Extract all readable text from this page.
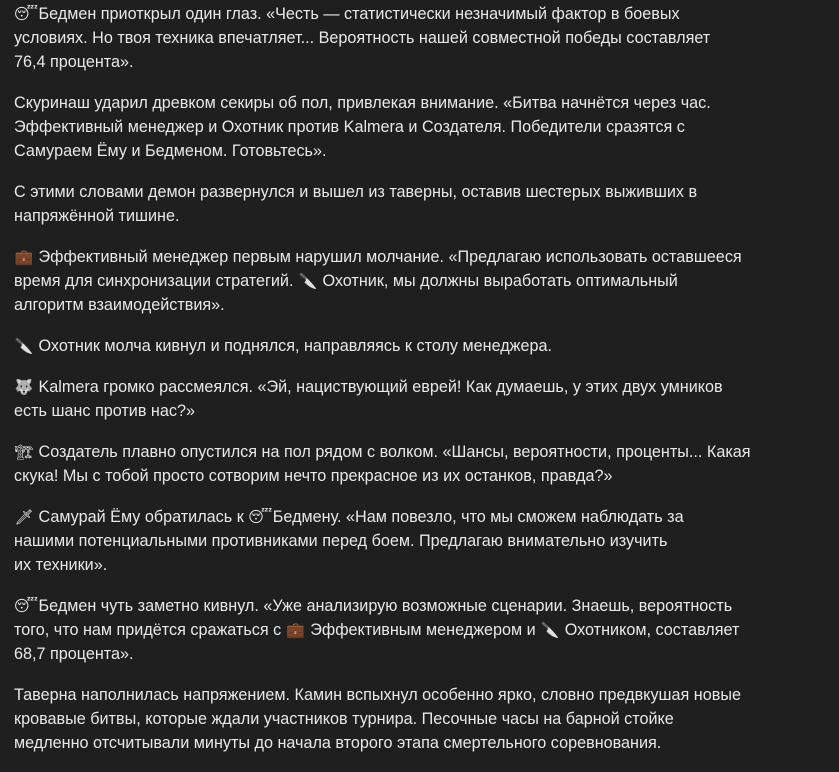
😴 Бедмен приоткрыл один глаз. «Честь — статистически незначимый фактор в боевых
условиях. Но твоя техника впечатляет... Вероятность нашей совместной победы составляет
76,4 процента».

Скуринаш ударил древком секиры об пол, привлекая внимание. «Битва начнётся через час.
Эффективный менеджер и Охотник против Kalmera и Создателя. Победители сразятся с
Самураем Ёму и Бедменом. Готовьтесь».

С этими словами демон развернулся и вышел из таверны, оставив шестерых выживших в
напряжённой тишине.

💼 Эффективный менеджер первым нарушил молчание. «Предлагаю использовать оставшееся
время для синхронизации стратегий. 🔪 Охотник, мы должны выработать оптимальный
алгоритм взаимодействия».

🔪 Охотник молча кивнул и поднялся, направляясь к столу менеджера.

🐺 Kalmera громко рассмеялся. «Эй, нациствующий еврей! Как думаешь, у этих двух умников
есть шанс против нас?»

🏗 Создатель плавно опустился на пол рядом с волком. «Шансы, вероятности, проценты... Какая
скука! Мы с тобой просто сотворим нечто прекрасное из их останков, правда?»

🗡 Самурай Ёму обратилась к 😴 Бедмену. «Нам повезло, что мы сможем наблюдать за
нашими потенциальными противниками перед боем. Предлагаю внимательно изучить
их техники».

😴 Бедмен чуть заметно кивнул. «Уже анализирую возможные сценарии. Знаешь, вероятность
того, что нам придётся сражаться с 💼 Эффективным менеджером и 🔪 Охотником, составляет
68,7 процента».

Таверна наполнилась напряжением. Камин вспыхнул особенно ярко, словно предвкушая новые
кровавые битвы, которые ждали участников турнира. Песочные часы на барной стойке
медленно отсчитывали минуты до начала второго этапа смертельного соревнования.
